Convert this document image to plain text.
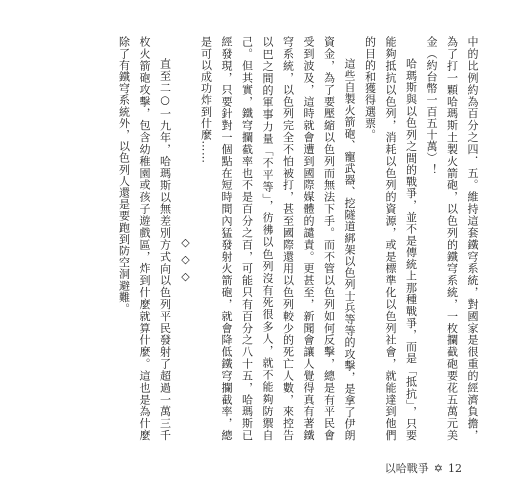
中的比例約為百分之四．五。維持這套鐵穹系統，對國家是很重的經濟負擔，為了打一顆哈瑪斯土製火箭砲，以色列的鐵穹系統，一枚攔截砲要花五萬元美金（約台幣一百五十萬）！

哈瑪斯與以色列之間的戰爭，並不是傳統上那種戰爭，而是「抵抗」，只要能夠抵抗以色列，消耗以色列的資源，或是標準化以色列社會，就能達到他們的目的和獲得選票。

這些自製火箭砲、寵武器、挖隧道綁架以色列士兵等等的攻擊，是拿了伊朗資金，為了要壓縮以色列而無法下手。而不管以色列如何反擊，總是有平民會受到波及，這時就會遭到國際媒體的譴責。更甚至，新聞會讓人覺得真有著鐵穹系統，以色列完全不怕被打，甚至國際還用以色列較少的死亡人數，來控告以巴之間的軍事力量「不平等」，彷彿以色列沒有死很多人，就不能夠防禦自己。但其實，鐵穹攔截率也不是百分之百，可能只有百分之八十五，哈瑪斯已經發現，只要針對一個點在短時間內猛發射火箭砲，就會降低鐵穹攔截率，總是可以成功炸到什麼……

◇◇◇

直至二○一九年，哈瑪斯以無差別方式向以色列平民發射了超過一萬三千枚火箭砲攻擊，包含幼稚園或孩子遊戲區，炸到什麼就算什麼。這也是為什麼除了有鐵穹系統外，以色列人還是要跑到防空洞避難。

以哈戰爭 ✡ 12
